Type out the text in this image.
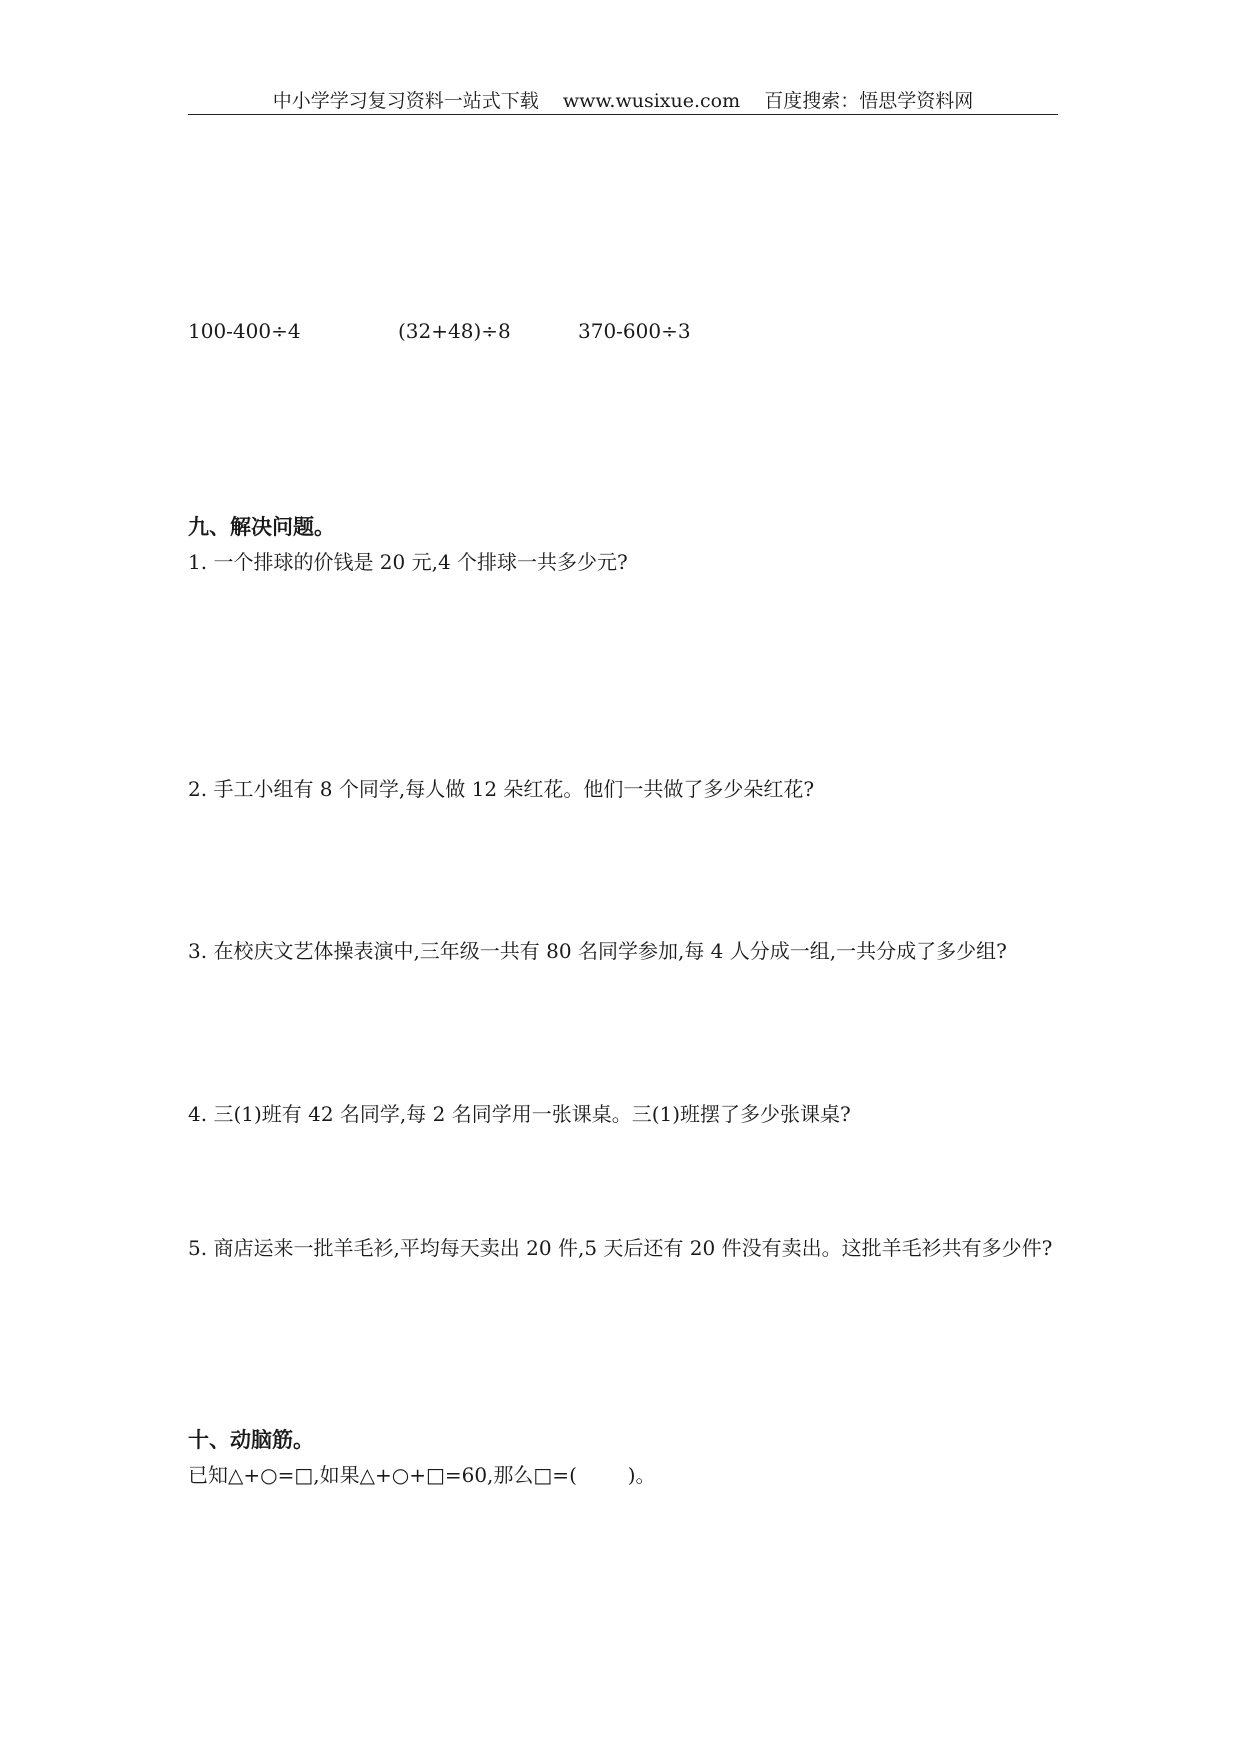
中小学学习复习资料一站式下载    www.wusixue.com    百度搜索：悟思学资料网
100-400÷4	(32+48)÷8	370-600÷3
九、解决问题。
1. 一个排球的价钱是 20 元,4 个排球一共多少元?
2. 手工小组有 8 个同学,每人做 12 朵红花。他们一共做了多少朵红花?
3. 在校庆文艺体操表演中,三年级一共有 80 名同学参加,每 4 人分成一组,一共分成了多少组?
4. 三(1)班有 42 名同学,每 2 名同学用一张课桌。三(1)班摆了多少张课桌?
5. 商店运来一批羊毛衫,平均每天卖出 20 件,5 天后还有 20 件没有卖出。这批羊毛衫共有多少件?
十、动脑筋。
已知△+○=□,如果△+○+□=60,那么□=(        )。
